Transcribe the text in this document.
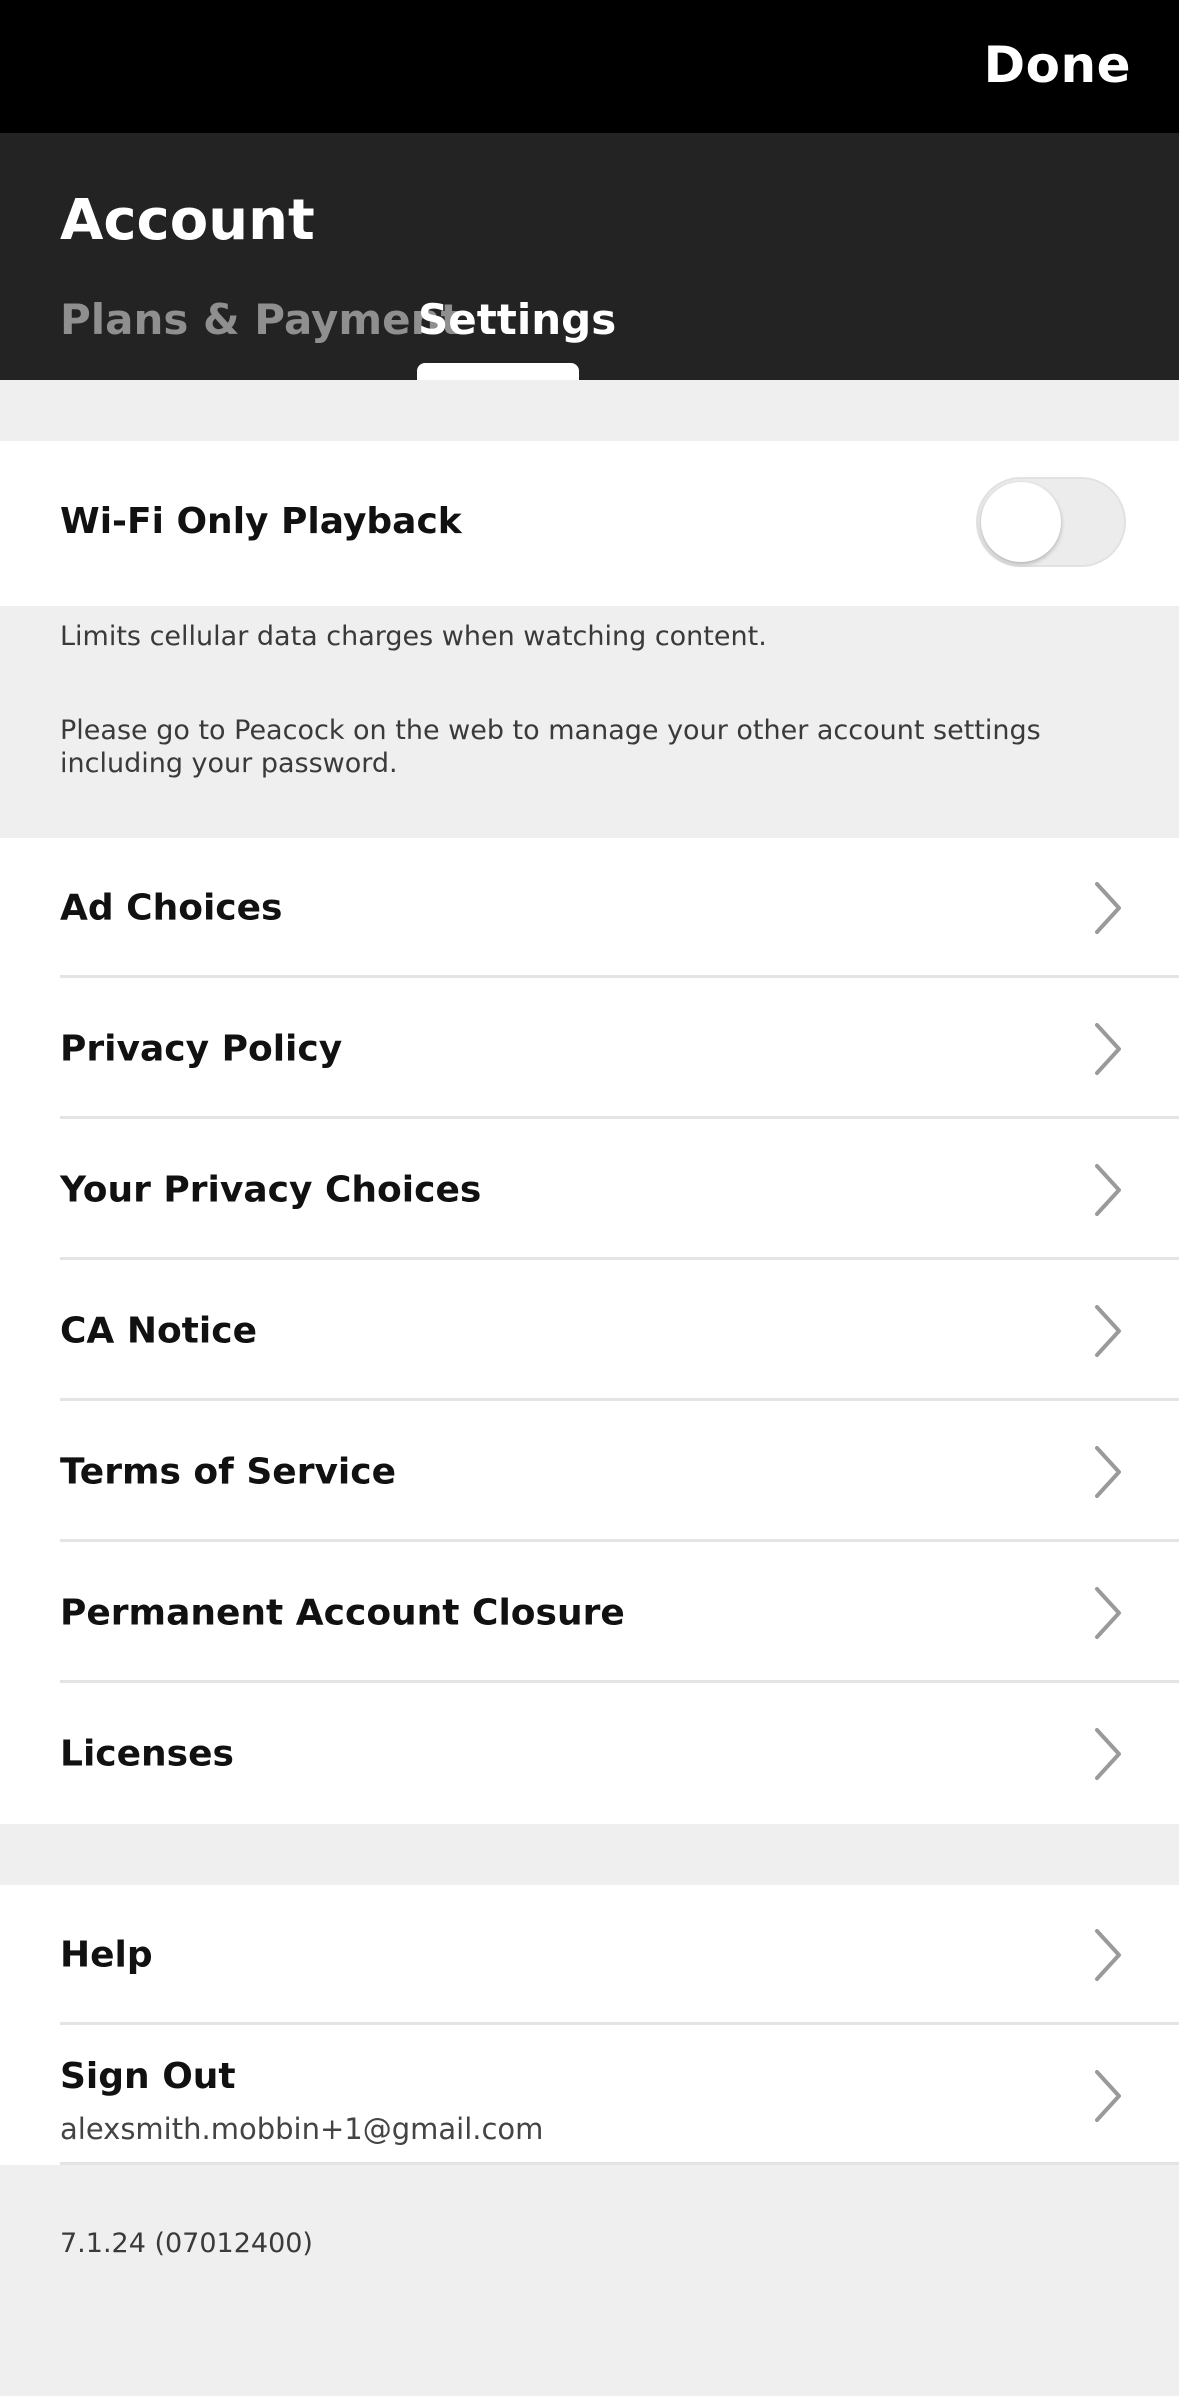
Done
Account
Plans & Payment
Settings
Wi-Fi Only Playback
Limits cellular data charges when watching content.
Please go to Peacock on the web to manage your other account settings including your password.
Ad Choices
Privacy Policy
Your Privacy Choices
CA Notice
Terms of Service
Permanent Account Closure
Licenses
Help
Sign Out
alexsmith.mobbin+1@gmail.com
7.1.24 (07012400)
